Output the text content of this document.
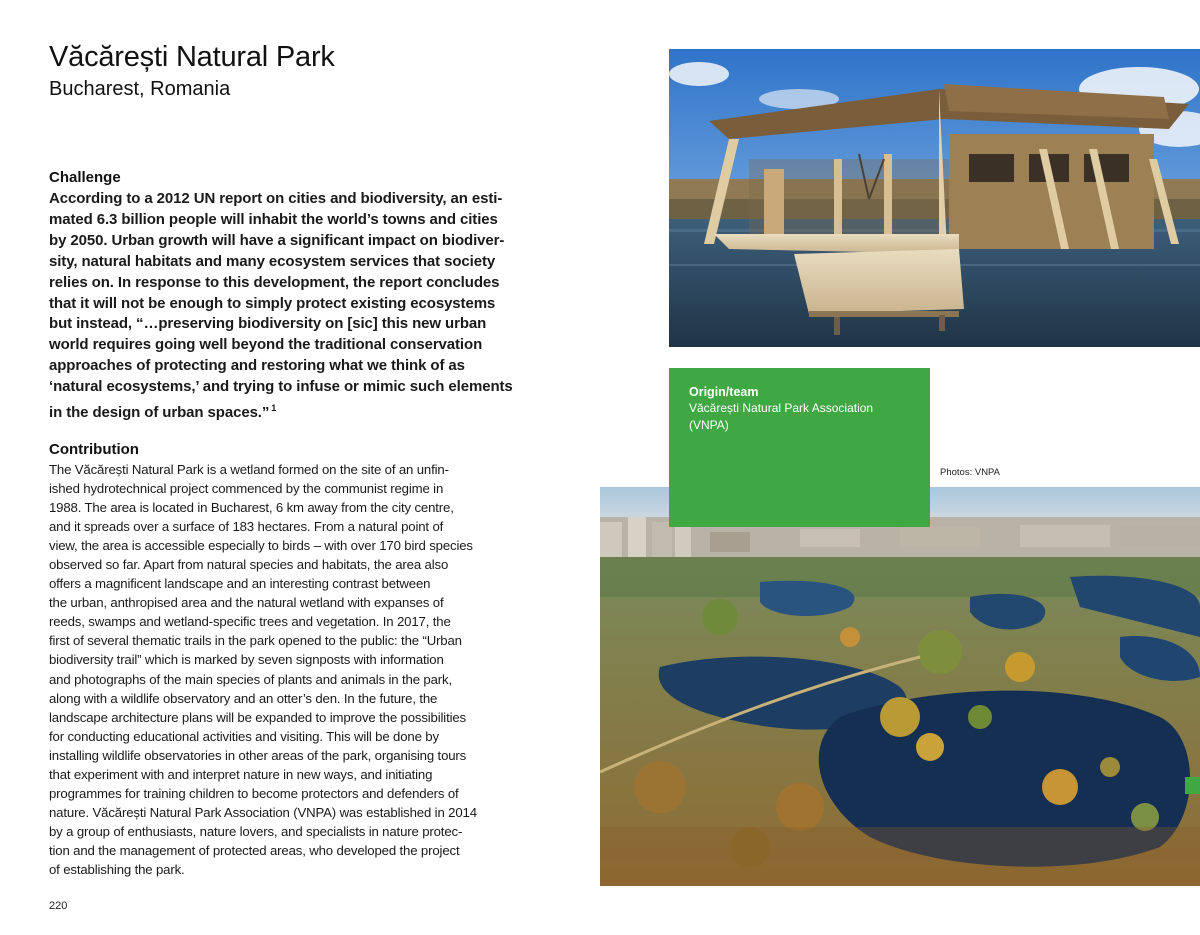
Văcărești Natural Park
Bucharest, Romania
Challenge

According to a 2012 UN report on cities and biodiversity, an esti-
mated 6.3 billion people will inhabit the world’s towns and cities
by 2050. Urban growth will have a significant impact on biodiver-
sity, natural habitats and many ecosystem services that society
relies on. In response to this development, the report concludes
that it will not be enough to simply protect existing ecosystems
but instead, “…preserving biodiversity on [sic] this new urban
world requires going well beyond the traditional conservation
approaches of protecting and restoring what we think of as
‘natural ecosystems,’ and trying to infuse or mimic such elements
in the design of urban spaces.” $^1$

Contribution

The Văcărești Natural Park is a wetland formed on the site of an unfin-
ished hydrotechnical project commenced by the communist regime in
1988. The area is located in Bucharest, 6 km away from the city centre,
and it spreads over a surface of 183 hectares. From a natural point of
view, the area is accessible especially to birds – with over 170 bird species
observed so far. Apart from natural species and habitats, the area also
offers a magnificent landscape and an interesting contrast between
the urban, anthropised area and the natural wetland with expanses of
reeds, swamps and wetland-specific trees and vegetation. In 2017, the
first of several thematic trails in the park opened to the public: the “Urban
biodiversity trail” which is marked by seven signposts with information
and photographs of the main species of plants and animals in the park,
along with a wildlife observatory and an otter’s den. In the future, the
landscape architecture plans will be expanded to improve the possibilities
for conducting educational activities and visiting. This will be done by
installing wildlife observatories in other areas of the park, organising tours
that experiment with and interpret nature in new ways, and initiating
programmes for training children to become protectors and defenders of
nature. Văcărești Natural Park Association (VNPA) was established in 2014
by a group of enthusiasts, nature lovers, and specialists in nature protec-
tion and the management of protected areas, who developed the project
of establishing the park.

220
Origin/team
Văcărești Natural Park Association (VNPA)
Photos: VNPA
